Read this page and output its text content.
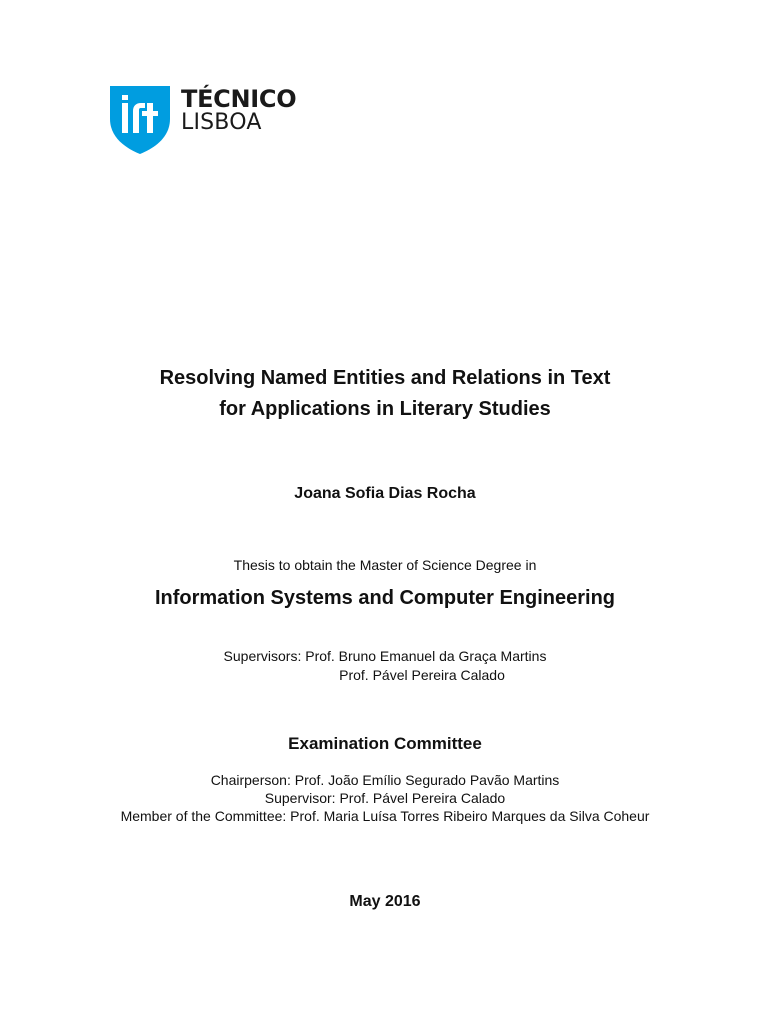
TÉCNICO
LISBOA
Resolving Named Entities and Relations in Text
for Applications in Literary Studies
Joana Sofia Dias Rocha
Thesis to obtain the Master of Science Degree in
Information Systems and Computer Engineering
Supervisors: Prof. Bruno Emanuel da Graça Martins
Prof. Pável Pereira Calado
Examination Committee
Chairperson: Prof. João Emílio Segurado Pavão Martins
Supervisor: Prof. Pável Pereira Calado
Member of the Committee: Prof. Maria Luísa Torres Ribeiro Marques da Silva Coheur
May 2016
